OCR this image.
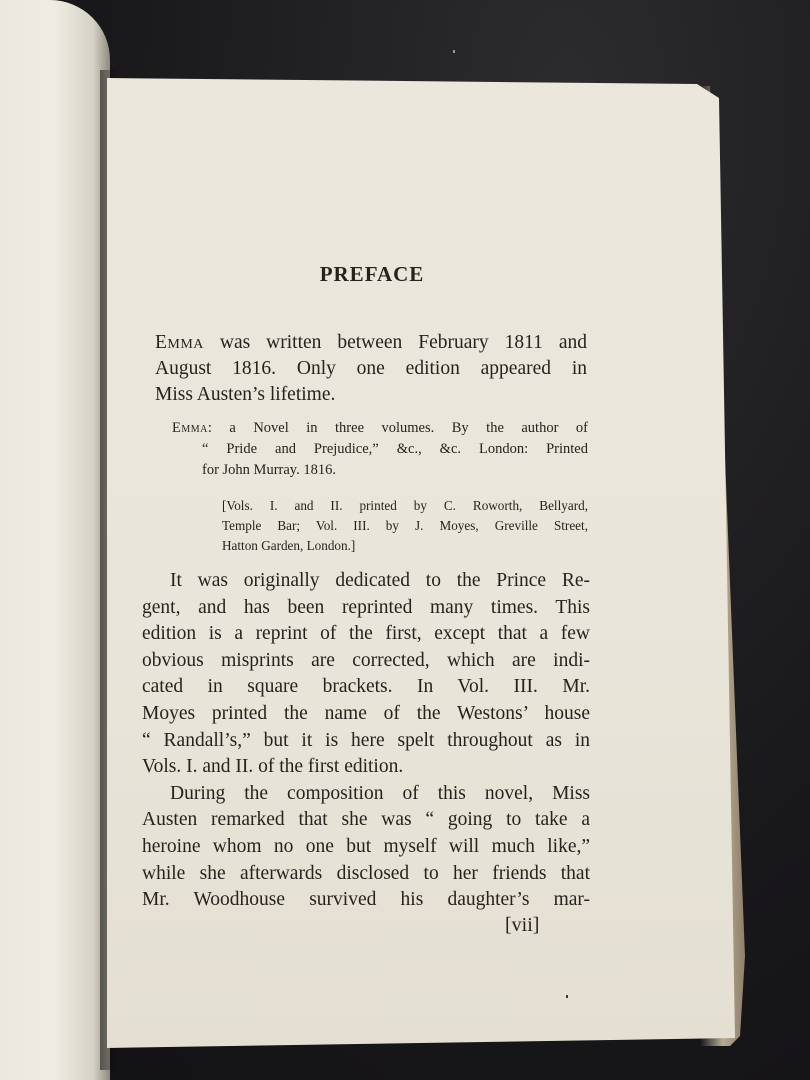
PREFACE
Emma was written between February 1811 and
August 1816. Only one edition appeared in
Miss Austen’s lifetime.
Emma: a Novel in three volumes. By the author of
“ Pride and Prejudice,” &c., &c. London: Printed
for John Murray. 1816.
[Vols. I. and II. printed by C. Roworth, Bellyard,
Temple Bar; Vol. III. by J. Moyes, Greville Street,
Hatton Garden, London.]
It was originally dedicated to the Prince Re-
gent, and has been reprinted many times. This
edition is a reprint of the first, except that a few
obvious misprints are corrected, which are indi-
cated in square brackets. In Vol. III. Mr.
Moyes printed the name of the Westons’ house
“ Randall’s,” but it is here spelt throughout as in
Vols. I. and II. of the first edition.
During the composition of this novel, Miss
Austen remarked that she was “ going to take a
heroine whom no one but myself will much like,”
while she afterwards disclosed to her friends that
Mr. Woodhouse survived his daughter’s mar-
[vii]
